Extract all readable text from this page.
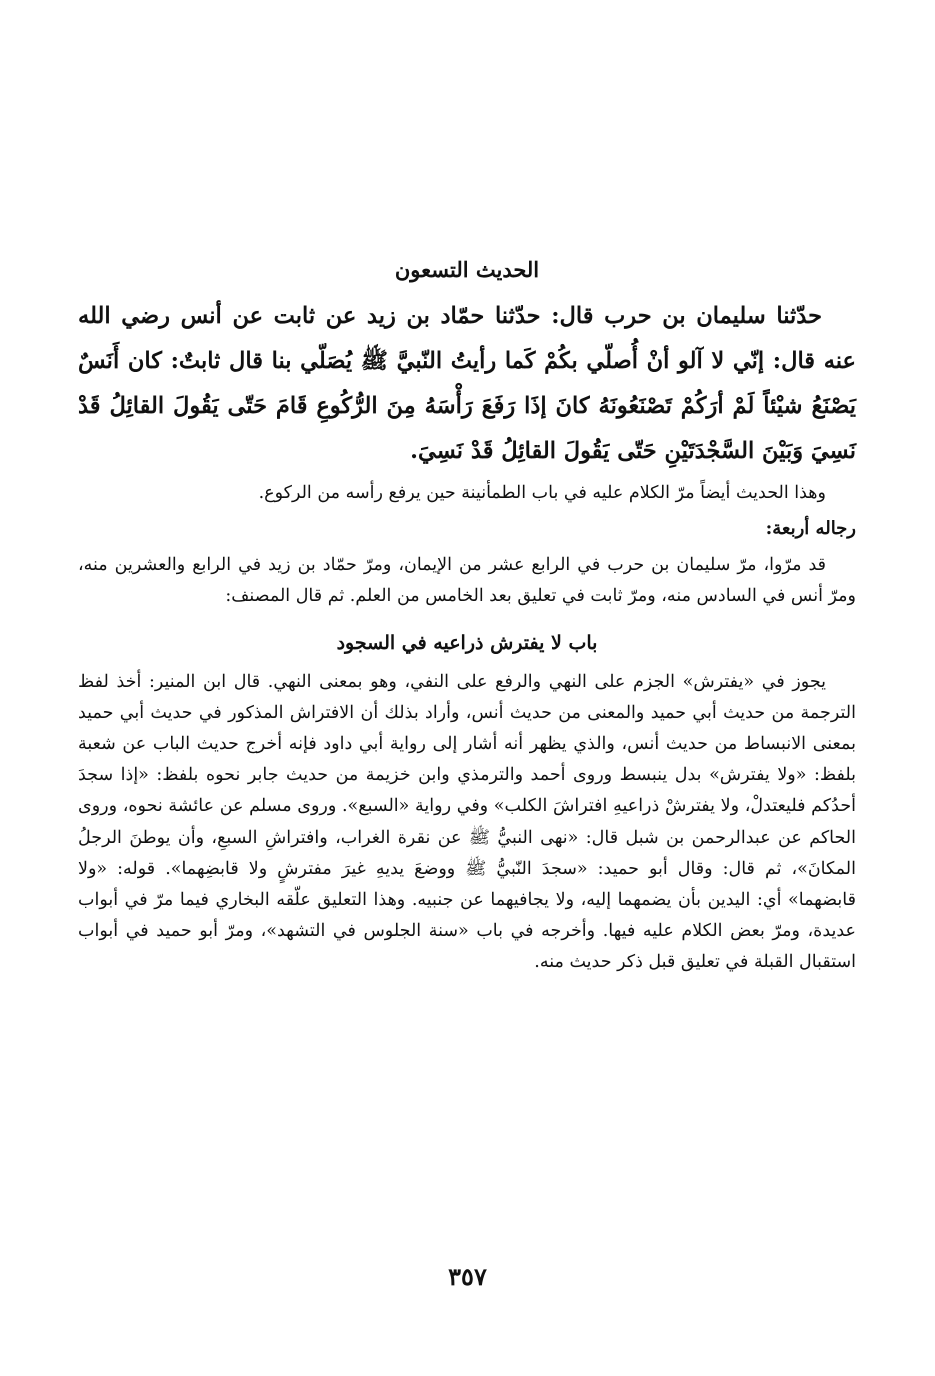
الحديث التسعون

حدّثنا سليمان بن حرب قال: حدّثنا حمّاد بن زيد عن ثابت عن أنس رضي الله عنه قال: إنّي لا آلو أنْ أُصلّي بكُمْ كَما رأيتُ النّبيَّ ﷺ يُصَلّي بنا قال ثابتٌ: كان أَنَسٌ يَصْنَعُ شيْئاً لَمْ أرَكُمْ تَصْنَعُونَهُ كانَ إذَا رَفَعَ رَأْسَهُ مِنَ الرُّكُوعِ قَامَ حَتّى يَقُولَ القائِلُ قَدْ نَسِيَ وَبَيْنَ السَّجْدَتَيْنِ حَتّى يَقُولَ القائِلُ قَدْ نَسِيَ.

وهذا الحديث أيضاً مرّ الكلام عليه في باب الطمأنينة حين يرفع رأسه من الركوع.

رجاله أربعة:

قد مرّوا، مرّ سليمان بن حرب في الرابع عشر من الإيمان، ومرّ حمّاد بن زيد في الرابع والعشرين منه، ومرّ أنس في السادس منه، ومرّ ثابت في تعليق بعد الخامس من العلم. ثم قال المصنف:

باب لا يفترش ذراعيه في السجود

يجوز في «يفترش» الجزم على النهي والرفع على النفي، وهو بمعنى النهي. قال ابن المنير: أخذ لفظ الترجمة من حديث أبي حميد والمعنى من حديث أنس، وأراد بذلك أن الافتراش المذكور في حديث أبي حميد بمعنى الانبساط من حديث أنس، والذي يظهر أنه أشار إلى رواية أبي داود فإنه أخرج حديث الباب عن شعبة بلفظ: «ولا يفترش» بدل ينبسط وروى أحمد والترمذي وابن خزيمة من حديث جابر نحوه بلفظ: «إذا سجدَ أحدُكم فليعتدلْ، ولا يفترشْ ذراعيهِ افتراشَ الكلب» وفي رواية «السبع». وروى مسلم عن عائشة نحوه، وروى الحاكم عن عبدالرحمن بن شبل قال: «نهى النبيُّ ﷺ عن نقرة الغراب، وافتراشِ السبعِ، وأن يوطنَ الرجلُ المكانَ»، ثم قال: وقال أبو حميد: «سجدَ النّبيُّ ﷺ ووضعَ يديهِ غيرَ مفترشٍ ولا قابضِهما». قوله: «ولا قابضهما» أي: اليدين بأن يضمهما إليه، ولا يجافيهما عن جنبيه. وهذا التعليق علّقه البخاري فيما مرّ في أبواب عديدة، ومرّ بعض الكلام عليه فيها. وأخرجه في باب «سنة الجلوس في التشهد»، ومرّ أبو حميد في أبواب استقبال القبلة في تعليق قبل ذكر حديث منه.

٣٥٧
